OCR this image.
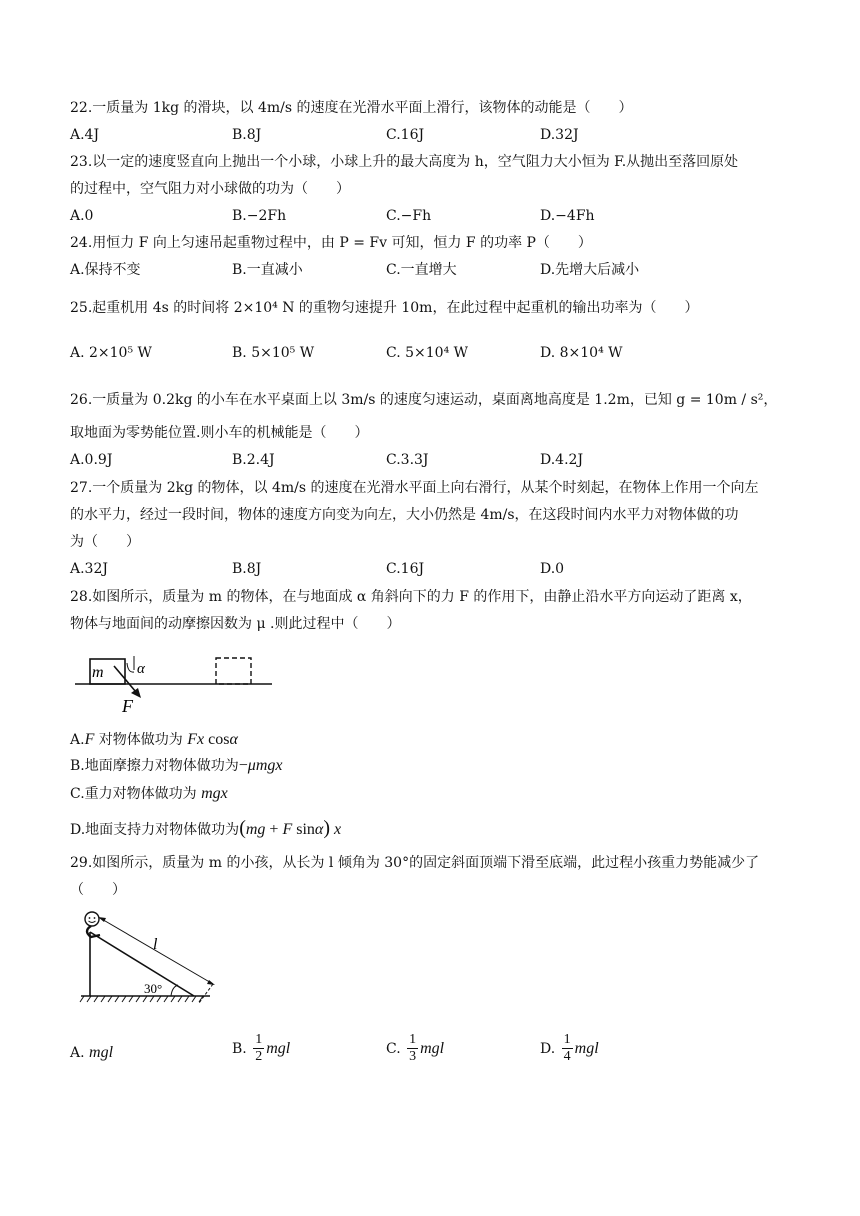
22.一质量为 1kg 的滑块，以 4m/s 的速度在光滑水平面上滑行，该物体的动能是（　　）
A.4J	B.8J	C.16J	D.32J
23.以一定的速度竖直向上抛出一个小球，小球上升的最大高度为 h，空气阻力大小恒为 F.从抛出至落回原处
的过程中，空气阻力对小球做的功为（　　）
A.0	B.−2Fh	C.−Fh	D.−4Fh
24.用恒力 F 向上匀速吊起重物过程中，由 P = Fv 可知，恒力 F 的功率 P（　　）
A.保持不变	B.一直减小	C.一直增大	D.先增大后减小
25.起重机用 4s 的时间将 2×10⁴ N 的重物匀速提升 10m，在此过程中起重机的输出功率为（　　）
A. 2×10⁵ W	B. 5×10⁵ W	C. 5×10⁴ W	D. 8×10⁴ W
26.一质量为 0.2kg 的小车在水平桌面上以 3m/s 的速度匀速运动，桌面离地高度是 1.2m，已知 g = 10m / s²，
取地面为零势能位置.则小车的机械能是（　　）
A.0.9J	B.2.4J	C.3.3J	D.4.2J
27.一个质量为 2kg 的物体，以 4m/s 的速度在光滑水平面上向右滑行，从某个时刻起，在物体上作用一个向左
的水平力，经过一段时间，物体的速度方向变为向左，大小仍然是 4m/s，在这段时间内水平力对物体做的功
为（　　）
A.32J	B.8J	C.16J	D.0
28.如图所示，质量为 m 的物体，在与地面成 α 角斜向下的力 F 的作用下，由静止沿水平方向运动了距离 x，
物体与地面间的动摩擦因数为 μ .则此过程中（　　）
m α
F
A.F 对物体做功为 Fx cosα
B.地面摩擦力对物体做功为−μmgx
C.重力对物体做功为 mgx
D.地面支持力对物体做功为(mg + F sinα) x
29.如图所示，质量为 m 的小孩，从长为 l 倾角为 30°的固定斜面顶端下滑至底端，此过程小孩重力势能减少了
（　　）
l
30°
A. mgl	B. $\frac{1}{2}$ mgl	C. $\frac{1}{3}$ mgl	D. $\frac{1}{4}$ mgl
